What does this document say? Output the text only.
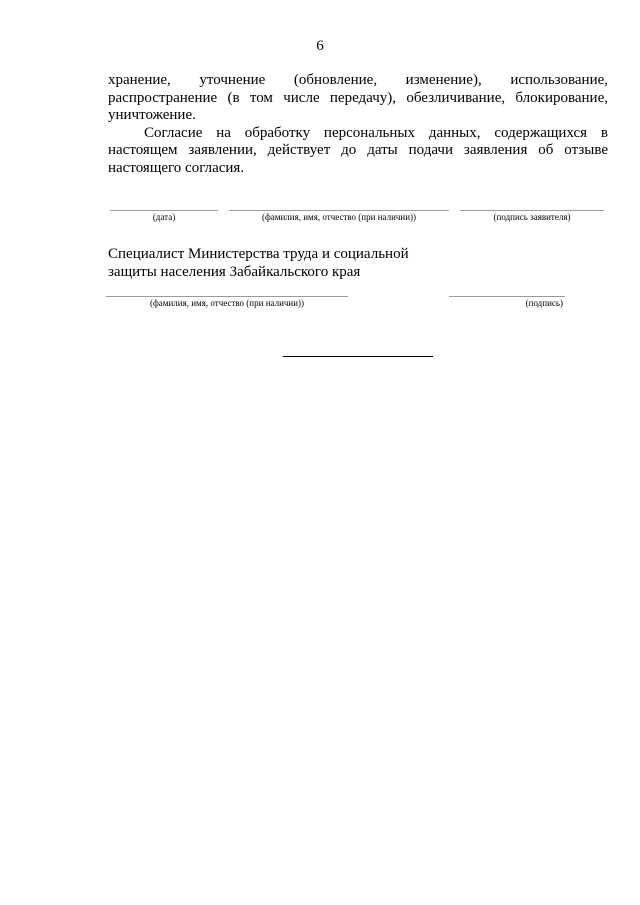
6

хранение, уточнение (обновление, изменение), использование, распространение (в том числе передачу), обезличивание, блокирование, уничтожение.

Согласие на обработку персональных данных, содержащихся в настоящем заявлении, действует до даты подачи заявления об отзыве настоящего согласия.

(дата)	(фамилия, имя, отчество (при наличии))	(подпись заявителя)
Специалист Министерства труда и социальной
защиты населения Забайкальского края
(фамилия, имя, отчество (при наличии))	(подпись)
